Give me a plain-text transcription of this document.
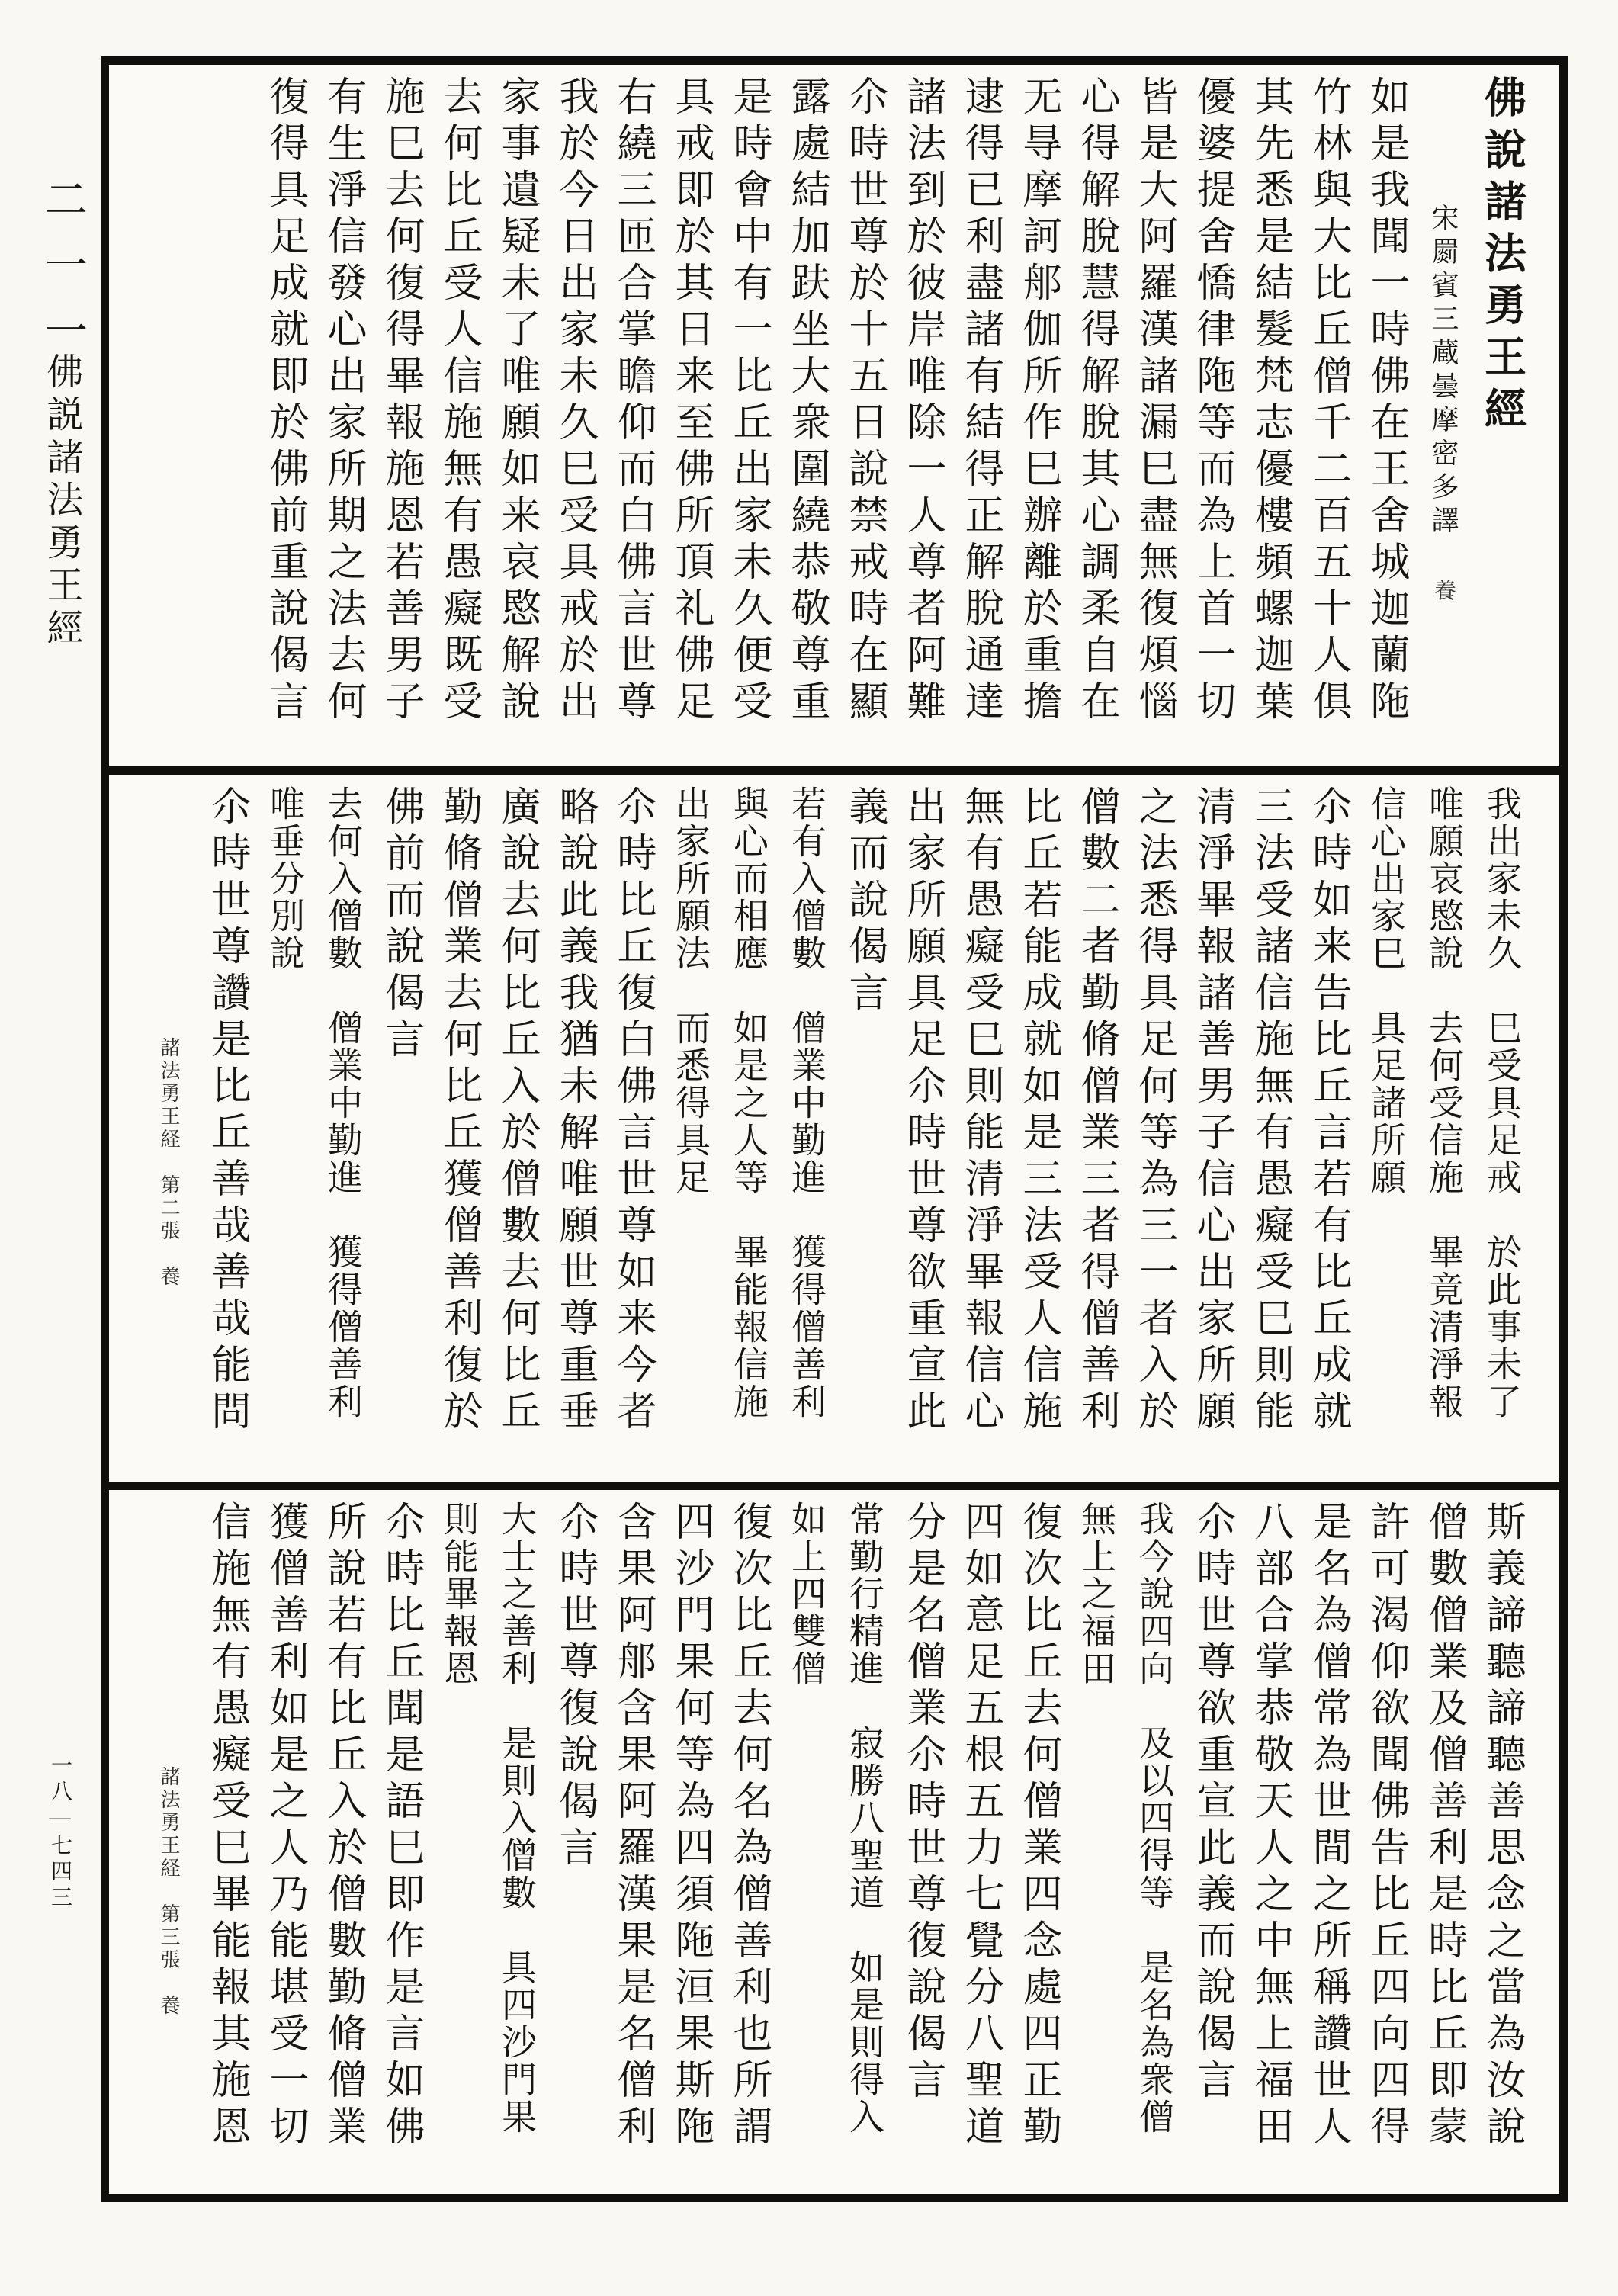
二一一
佛説諸法勇王經
一八—七四三
佛說諸法勇王經
宋罽賓三蔵曇摩密多譯養
如是我聞一時佛在王舍城迦蘭陁
竹林與大比丘僧千二百五十人俱
其先悉是結髮梵志優樓頻螺迦葉
優婆提舍憍律陁等而為上首一切
皆是大阿羅漢諸漏巳盡無復煩惱
心得解脫慧得解脫其心調柔自在
无㝵摩訶郍伽所作巳辦離於重擔
逮得已利盡諸有結得正解脫通達
諸法到於彼岸唯除一人尊者阿難
尒時世尊於十五日說禁戒時在顯
露處結加趺坐大衆圍繞恭敬尊重
是時會中有一比丘出家未久便受
具戒即於其日来至佛所頂礼佛足
右繞三匝合掌瞻仰而白佛言世尊
我於今日出家未久巳受具戒於出
家事遺疑未了唯願如来哀愍解說
去何比丘受人信施無有愚癡既受
施巳去何復得畢報施恩若善男子
有生淨信發心出家所期之法去何
復得具足成就即於佛前重說偈言
我出家未久　巳受具足戒　於此事未了
唯願哀愍說　去何受信施　畢竟清淨報
信心出家巳　具足諸所願
尒時如来告比丘言若有比丘成就
三法受諸信施無有愚癡受巳則能
清淨畢報諸善男子信心出家所願
之法悉得具足何等為三一者入於
僧數二者勤脩僧業三者得僧善利
比丘若能成就如是三法受人信施
無有愚癡受巳則能清淨畢報信心
出家所願具足尒時世尊欲重宣此
義而說偈言
若有入僧數　僧業中勤進　獲得僧善利
與心而相應　如是之人等　畢能報信施
出家所願法　而悉得具足
尒時比丘復白佛言世尊如来今者
略說此義我猶未解唯願世尊重垂
廣說去何比丘入於僧數去何比丘
勤脩僧業去何比丘獲僧善利復於
佛前而說偈言
去何入僧數　僧業中勤進　獲得僧善利
唯垂分別說
尒時世尊讚是比丘善哉善哉能問
諸法勇王経　第二張　養
斯義諦聽諦聽善思念之當為汝說
僧數僧業及僧善利是時比丘即蒙
許可渴仰欲聞佛告比丘四向四得
是名為僧常為世間之所稱讚世人
八部合掌恭敬天人之中無上福田
尒時世尊欲重宣此義而說偈言
我今說四向　及以四得等　是名為衆僧
無上之福田
復次比丘去何僧業四念處四正勤
四如意足五根五力七覺分八聖道
分是名僧業尒時世尊復說偈言
常勤行精進　寂勝八聖道　如是則得入
如上四雙僧
復次比丘去何名為僧善利也所謂
四沙門果何等為四須陁洹果斯陁
含果阿郍含果阿羅漢果是名僧利
尒時世尊復說偈言
大士之善利　是則入僧數　具四沙門果
則能畢報恩
尒時比丘聞是語巳即作是言如佛
所說若有比丘入於僧數勤脩僧業
獲僧善利如是之人乃能堪受一切
信施無有愚癡受巳畢能報其施恩
諸法勇王経　第三張　養
